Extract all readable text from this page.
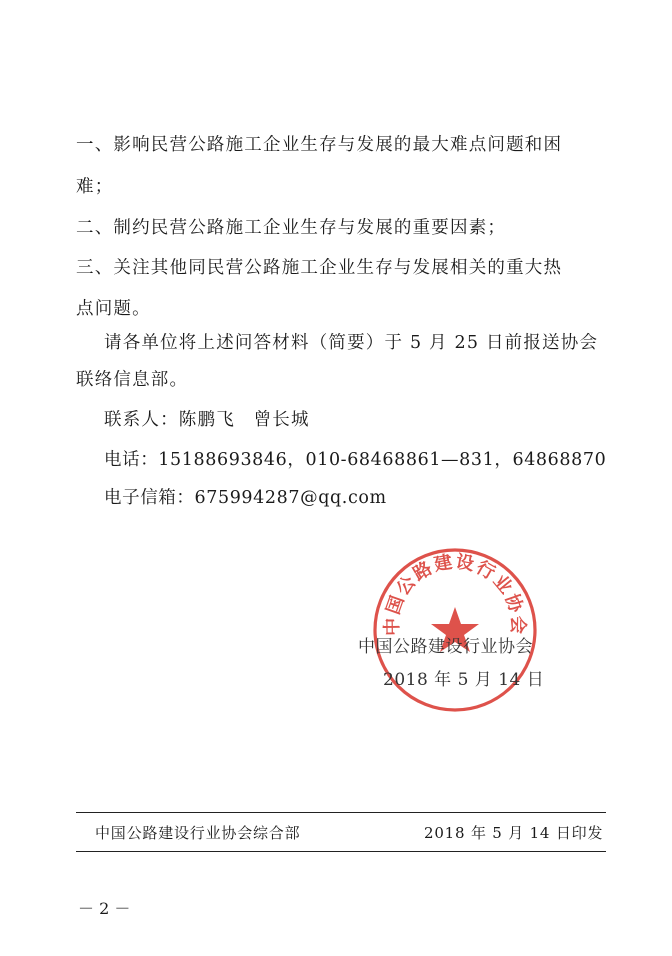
一、影响民营公路施工企业生存与发展的最大难点问题和困
难；
二、制约民营公路施工企业生存与发展的重要因素；
三、关注其他同民营公路施工企业生存与发展相关的重大热
点问题。
请各单位将上述问答材料（简要）于 5 月 25 日前报送协会
联络信息部。
联系人：陈鹏飞　曾长城
电话：15188693846，010-68468861—831，64868870
电子信箱：675994287@qq.com
中国公路建设行业协会
中国公路建设行业协会
2018 年 5 月 14 日
中国公路建设行业协会综合部	2018 年 5 月 14 日印发
－ 2 －
